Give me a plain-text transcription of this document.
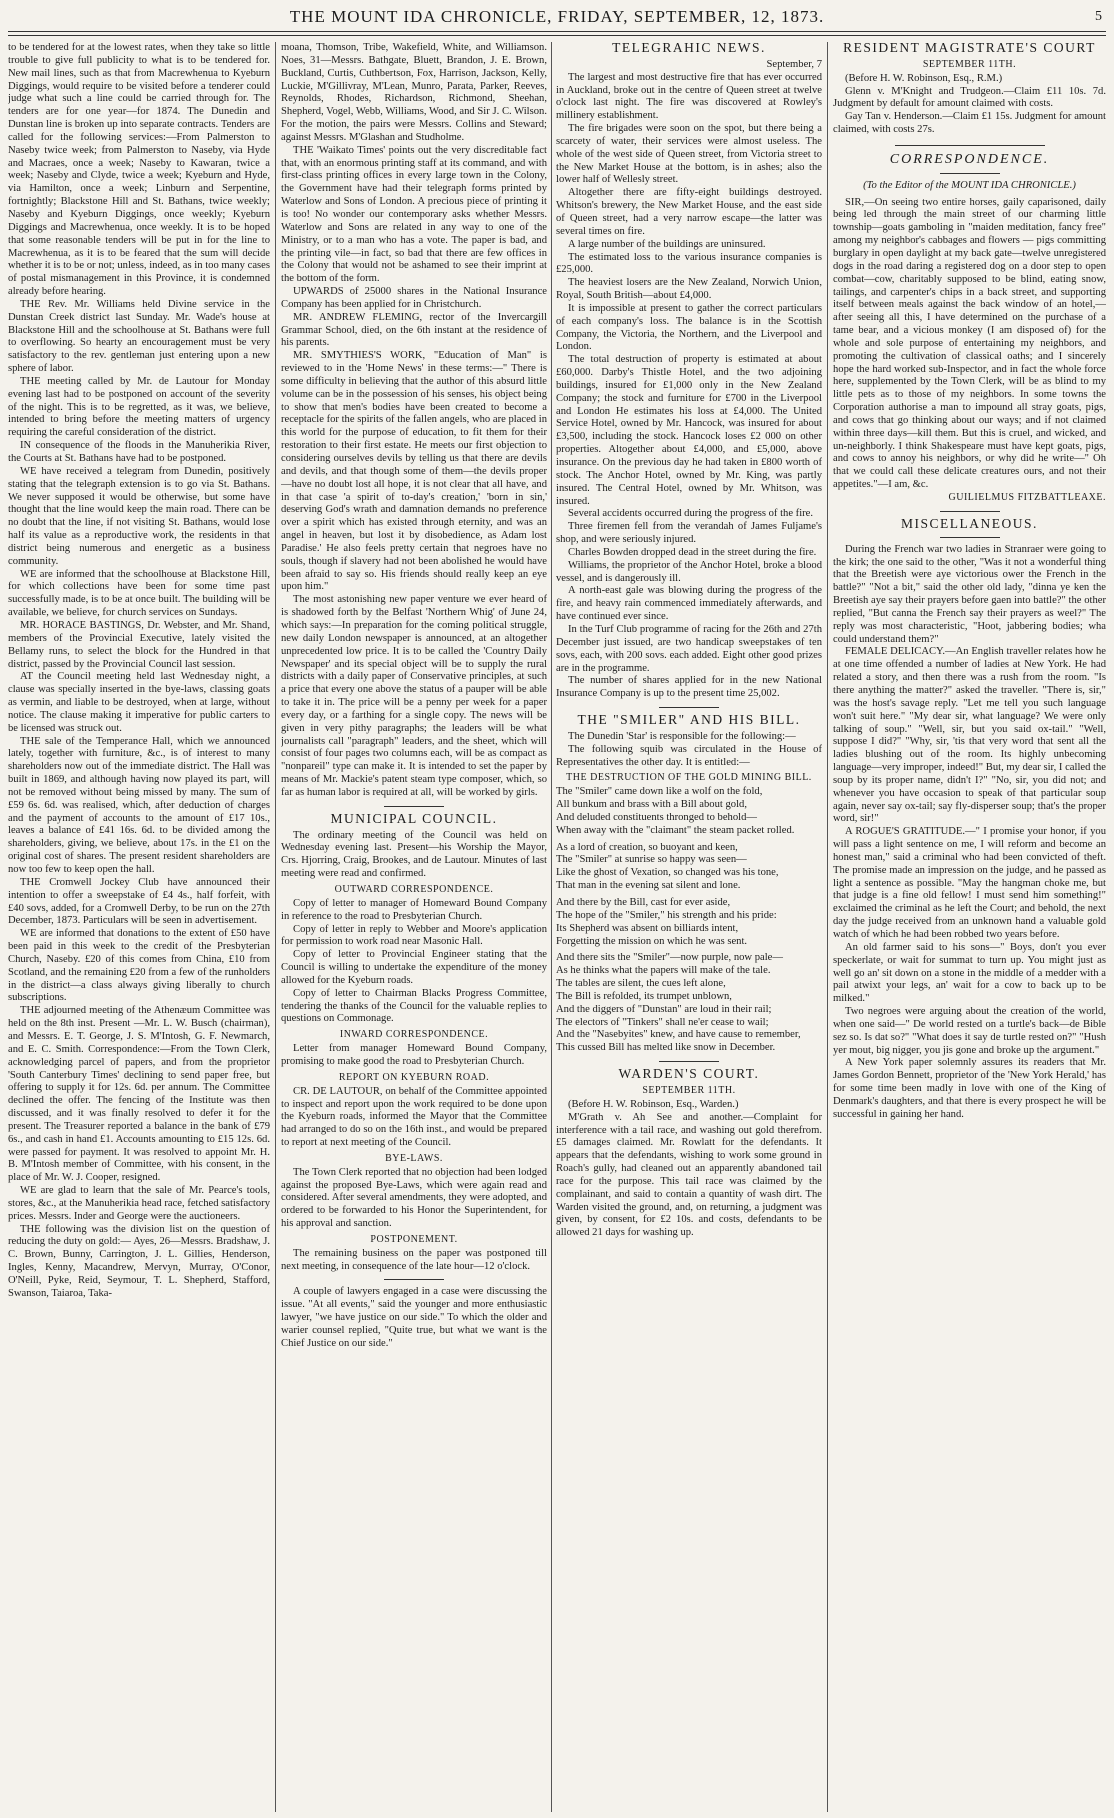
THE MOUNT IDA CHRONICLE, FRIDAY, SEPTEMBER, 12, 1873.	5

to be tendered for at the lowest rates, when they take so little trouble to give full publicity to what is to be tendered for. New mail lines, such as that from Macrewhenua to Kyeburn Diggings, would require to be visited before a tenderer could judge what such a line could be carried through for. The tenders are for one year—for 1874. The Dunedin and Dunstan line is broken up into separate contracts. Tenders are called for the following services:—From Palmerston to Naseby twice week; from Palmerston to Naseby, via Hyde and Macraes, once a week; Naseby to Kawaran, twice a week; Naseby and Clyde, twice a week; Kyeburn and Hyde, via Hamilton, once a week; Linburn and Serpentine, fortnightly; Blackstone Hill and St. Bathans, twice weekly; Naseby and Kyeburn Diggings, once weekly; Kyeburn Diggings and Macrewhenua, once weekly. It is to be hoped that some reasonable tenders will be put in for the line to Macrewhenua, as it is to be feared that the sum will decide whether it is to be or not; unless, indeed, as in too many cases of postal mismanagement in this Province, it is condemned already before hearing.

THE Rev. Mr. Williams held Divine service in the Dunstan Creek district last Sunday. Mr. Wade's house at Blackstone Hill and the schoolhouse at St. Bathans were full to overflowing. So hearty an encouragement must be very satisfactory to the rev. gentleman just entering upon a new sphere of labor.

THE meeting called by Mr. de Lautour for Monday evening last had to be postponed on account of the severity of the night. This is to be regretted, as it was, we believe, intended to bring before the meeting matters of urgency requiring the careful consideration of the district.

IN consequence of the floods in the Manuherikia River, the Courts at St. Bathans have had to be postponed.

WE have received a telegram from Dunedin, positively stating that the telegraph extension is to go via St. Bathans. We never supposed it would be otherwise, but some have thought that the line would keep the main road. There can be no doubt that the line, if not visiting St. Bathans, would lose half its value as a reproductive work, the residents in that district being numerous and energetic as a business community.

WE are informed that the schoolhouse at Blackstone Hill, for which collections have been for some time past successfully made, is to be at once built. The building will be available, we believe, for church services on Sundays.

MR. HORACE BASTINGS, Dr. Webster, and Mr. Shand, members of the Provincial Executive, lately visited the Bellamy runs, to select the block for the Hundred in that district, passed by the Provincial Council last session.

AT the Council meeting held last Wednesday night, a clause was specially inserted in the bye-laws, classing goats as vermin, and liable to be destroyed, when at large, without notice. The clause making it imperative for public carters to be licensed was struck out.

THE sale of the Temperance Hall, which we announced lately, together with furniture, &c., is of interest to many shareholders now out of the immediate district. The Hall was built in 1869, and although having now played its part, will not be removed without being missed by many. The sum of £59 6s. 6d. was realised, which, after deduction of charges and the payment of accounts to the amount of £17 10s., leaves a balance of £41 16s. 6d. to be divided among the shareholders, giving, we believe, about 17s. in the £1 on the original cost of shares. The present resident shareholders are now too few to keep open the hall.

THE Cromwell Jockey Club have announced their intention to offer a sweepstake of £4 4s., half forfeit, with £40 sovs, added, for a Cromwell Derby, to be run on the 27th December, 1873. Particulars will be seen in advertisement.

WE are informed that donations to the extent of £50 have been paid in this week to the credit of the Presbyterian Church, Naseby. £20 of this comes from China, £10 from Scotland, and the remaining £20 from a few of the runholders in the district—a class always giving liberally to church subscriptions.

THE adjourned meeting of the Athenæum Committee was held on the 8th inst. Present —Mr. L. W. Busch (chairman), and Messrs. E. T. George, J. S. M'Intosh, G. F. Newmarch, and E. C. Smith. Correspondence:—From the Town Clerk, acknowledging parcel of papers, and from the proprietor 'South Canterbury Times' declining to send paper free, but offering to supply it for 12s. 6d. per annum. The Committee declined the offer. The fencing of the Institute was then discussed, and it was finally resolved to defer it for the present. The Treasurer reported a balance in the bank of £79 6s., and cash in hand £1. Accounts amounting to £15 12s. 6d. were passed for payment. It was resolved to appoint Mr. H. B. M'Intosh member of Committee, with his consent, in the place of Mr. W. J. Cooper, resigned.

WE are glad to learn that the sale of Mr. Pearce's tools, stores, &c., at the Manuherikia head race, fetched satisfactory prices. Messrs. Inder and George were the auctioneers.

THE following was the division list on the question of reducing the duty on gold:— Ayes, 26—Messrs. Bradshaw, J. C. Brown, Bunny, Carrington, J. L. Gillies, Henderson, Ingles, Kenny, Macandrew, Mervyn, Murray, O'Conor, O'Neill, Pyke, Reid, Seymour, T. L. Shepherd, Stafford, Swanson, Taiaroa, Taka-

moana, Thomson, Tribe, Wakefield, White, and Williamson. Noes, 31—Messrs. Bathgate, Bluett, Brandon, J. E. Brown, Buckland, Curtis, Cuthbertson, Fox, Harrison, Jackson, Kelly, Luckie, M'Gillivray, M'Lean, Munro, Parata, Parker, Reeves, Reynolds, Rhodes, Richardson, Richmond, Sheehan, Shepherd, Vogel, Webb, Williams, Wood, and Sir J. C. Wilson. For the motion, the pairs were Messrs. Collins and Steward; against Messrs. M'Glashan and Studholme.

THE 'Waikato Times' points out the very discreditable fact that, with an enormous printing staff at its command, and with first-class printing offices in every large town in the Colony, the Government have had their telegraph forms printed by Waterlow and Sons of London. A precious piece of printing it is too! No wonder our contemporary asks whether Messrs. Waterlow and Sons are related in any way to one of the Ministry, or to a man who has a vote. The paper is bad, and the printing vile—in fact, so bad that there are few offices in the Colony that would not be ashamed to see their imprint at the bottom of the form.

UPWARDS of 25000 shares in the National Insurance Company has been applied for in Christchurch.

MR. ANDREW FLEMING, rector of the Invercargill Grammar School, died, on the 6th instant at the residence of his parents.

MR. SMYTHIES'S WORK, "Education of Man" is reviewed to in the 'Home News' in these terms:—" There is some difficulty in believing that the author of this absurd little volume can be in the possession of his senses, his object being to show that men's bodies have been created to become a receptacle for the spirits of the fallen angels, who are placed in this world for the purpose of education, to fit them for their restoration to their first estate. He meets our first objection to considering ourselves devils by telling us that there are devils and devils, and that though some of them—the devils proper—have no doubt lost all hope, it is not clear that all have, and in that case 'a spirit of to-day's creation,' 'born in sin,' deserving God's wrath and damnation demands no preference over a spirit which has existed through eternity, and was an angel in heaven, but lost it by disobedience, as Adam lost Paradise.' He also feels pretty certain that negroes have no souls, though if slavery had not been abolished he would have been afraid to say so. His friends should really keep an eye upon him."

The most astonishing new paper venture we ever heard of is shadowed forth by the Belfast 'Northern Whig' of June 24, which says:—In preparation for the coming political struggle, new daily London newspaper is announced, at an altogether unprecedented low price. It is to be called the 'Country Daily Newspaper' and its special object will be to supply the rural districts with a daily paper of Conservative principles, at such a price that every one above the status of a pauper will be able to take it in. The price will be a penny per week for a paper every day, or a farthing for a single copy. The news will be given in very pithy paragraphs; the leaders will be what journalists call "paragraph" leaders, and the sheet, which will consist of four pages two columns each, will be as compact as "nonpareil" type can make it. It is intended to set the paper by means of Mr. Mackie's patent steam type composer, which, so far as human labor is required at all, will be worked by girls.

MUNICIPAL COUNCIL.

The ordinary meeting of the Council was held on Wednesday evening last. Present—his Worship the Mayor, Crs. Hjorring, Craig, Brookes, and de Lautour. Minutes of last meeting were read and confirmed.

OUTWARD CORRESPONDENCE.

Copy of letter to manager of Homeward Bound Company in reference to the road to Presbyterian Church.

Copy of letter in reply to Webber and Moore's application for permission to work road near Masonic Hall.

Copy of letter to Provincial Engineer stating that the Council is willing to undertake the expenditure of the money allowed for the Kyeburn roads.

Copy of letter to Chairman Blacks Progress Committee, tendering the thanks of the Council for the valuable replies to questions on Commonage.

INWARD CORRESPONDENCE.

Letter from manager Homeward Bound Company, promising to make good the road to Presbyterian Church.

REPORT ON KYEBURN ROAD.

CR. DE LAUTOUR, on behalf of the Committee appointed to inspect and report upon the work required to be done upon the Kyeburn roads, informed the Mayor that the Committee had arranged to do so on the 16th inst., and would be prepared to report at next meeting of the Council.

BYE-LAWS.

The Town Clerk reported that no objection had been lodged against the proposed Bye-Laws, which were again read and considered. After several amendments, they were adopted, and ordered to be forwarded to his Honor the Superintendent, for his approval and sanction.

POSTPONEMENT.

The remaining business on the paper was postponed till next meeting, in consequence of the late hour—12 o'clock.

A couple of lawyers engaged in a case were discussing the issue. "At all events," said the younger and more enthusiastic lawyer, "we have justice on our side." To which the older and warier counsel replied, "Quite true, but what we want is the Chief Justice on our side."

TELEGRAHIC NEWS.

September, 7

The largest and most destructive fire that has ever occurred in Auckland, broke out in the centre of Queen street at twelve o'clock last night. The fire was discovered at Rowley's millinery establishment.

The fire brigades were soon on the spot, but there being a scarcety of water, their services were almost useless. The whole of the west side of Queen street, from Victoria street to the New Market House at the bottom, is in ashes; also the lower half of Wellesly street.

Altogether there are fifty-eight buildings destroyed. Whitson's brewery, the New Market House, and the east side of Queen street, had a very narrow escape—the latter was several times on fire.

A large number of the buildings are uninsured.

The estimated loss to the various insurance companies is £25,000.

The heaviest losers are the New Zealand, Norwich Union, Royal, South British—about £4,000.

It is impossible at present to gather the correct particulars of each company's loss. The balance is in the Scottish Company, the Victoria, the Northern, and the Liverpool and London.

The total destruction of property is estimated at about £60,000. Darby's Thistle Hotel, and the two adjoining buildings, insured for £1,000 only in the New Zealand Company; the stock and furniture for £700 in the Liverpool and London He estimates his loss at £4,000. The United Service Hotel, owned by Mr. Hancock, was insured for about £3,500, including the stock. Hancock loses £2 000 on other properties. Altogether about £4,000, and £5,000, above insurance. On the previous day he had taken in £800 worth of stock. The Anchor Hotel, owned by Mr. King, was partly insured. The Central Hotel, owned by Mr. Whitson, was insured.

Several accidents occurred during the progress of the fire.

Three firemen fell from the verandah of James Fuljame's shop, and were seriously injured.

Charles Bowden dropped dead in the street during the fire.

Williams, the proprietor of the Anchor Hotel, broke a blood vessel, and is dangerously ill.

A north-east gale was blowing during the progress of the fire, and heavy rain commenced immediately afterwards, and have continued ever since.

In the Turf Club programme of racing for the 26th and 27th December just issued, are two handicap sweepstakes of ten sovs, each, with 200 sovs. each added. Eight other good prizes are in the programme.

The number of shares applied for in the new National Insurance Company is up to the present time 25,002.

THE "SMILER" AND HIS BILL.

The Dunedin 'Star' is responsible for the following:—

The following squib was circulated in the House of Representatives the other day. It is entitled:—

THE DESTRUCTION OF THE GOLD MINING BILL.

The "Smiler" came down like a wolf on the fold,

All bunkum and brass with a Bill about gold,

And deluded constituents thronged to behold—

When away with the "claimant" the steam packet rolled.

As a lord of creation, so buoyant and keen,

The "Smiler" at sunrise so happy was seen—

Like the ghost of Vexation, so changed was his tone,

That man in the evening sat silent and lone.

And there by the Bill, cast for ever aside,

The hope of the "Smiler," his strength and his pride:

Its Shepherd was absent on billiards intent,

Forgetting the mission on which he was sent.

And there sits the "Smiler"—now purple, now pale—

As he thinks what the papers will make of the tale.

The tables are silent, the cues left alone,

The Bill is refolded, its trumpet unblown,

And the diggers of "Dunstan" are loud in their rail;

The electors of "Tinkers" shall ne'er cease to wail;

And the "Nasebyites" knew, and have cause to remember,

This cussed Bill has melted like snow in December.

WARDEN'S COURT.
SEPTEMBER 11TH.

(Before H. W. Robinson, Esq., Warden.)

M'Grath v. Ah See and another.—Complaint for interference with a tail race, and washing out gold therefrom. £5 damages claimed. Mr. Rowlatt for the defendants. It appears that the defendants, wishing to work some ground in Roach's gully, had cleaned out an apparently abandoned tail race for the purpose. This tail race was claimed by the complainant, and said to contain a quantity of wash dirt. The Warden visited the ground, and, on returning, a judgment was given, by consent, for £2 10s. and costs, defendants to be allowed 21 days for washing up.

RESIDENT MAGISTRATE'S COURT
SEPTEMBER 11TH.

(Before H. W. Robinson, Esq., R.M.)

Glenn v. M'Knight and Trudgeon.—Claim £11 10s. 7d. Judgment by default for amount claimed with costs.

Gay Tan v. Henderson.—Claim £1 15s. Judgment for amount claimed, with costs 27s.

CORRESPONDENCE.

(To the Editor of the MOUNT IDA CHRONICLE.)

SIR,—On seeing two entire horses, gaily caparisoned, daily being led through the main street of our charming little township—goats gamboling in "maiden meditation, fancy free" among my neighbor's cabbages and flowers — pigs committing burglary in open daylight at my back gate—twelve unregistered dogs in the road daring a registered dog on a door step to open combat—cow, charitably supposed to be blind, eating snow, tailings, and carpenter's chips in a back street, and supporting itself between meals against the back window of an hotel,—after seeing all this, I have determined on the purchase of a tame bear, and a vicious monkey (I am disposed of) for the whole and sole purpose of entertaining my neighbors, and promoting the cultivation of classical oaths; and I sincerely hope the hard worked sub-Inspector, and in fact the whole force here, supplemented by the Town Clerk, will be as blind to my little pets as to those of my neighbors. In some towns the Corporation authorise a man to impound all stray goats, pigs, and cows that go thinking about our ways; and if not claimed within three days—kill them. But this is cruel, and wicked, and un-neighborly. I think Shakespeare must have kept goats, pigs, and cows to annoy his neighbors, or why did he write—" Oh that we could call these delicate creatures ours, and not their appetites."—I am, &c.

GUILIELMUS FITZBATTLEAXE.
MISCELLANEOUS.

During the French war two ladies in Stranraer were going to the kirk; the one said to the other, "Was it not a wonderful thing that the Breetish were aye victorious ower the French in the battle?" "Not a bit," said the other old lady, "dinna ye ken the Breetish aye say their prayers before gaen into battle?" the other replied, "But canna the French say their prayers as weel?" The reply was most characteristic, "Hoot, jabbering bodies; wha could understand them?"

FEMALE DELICACY.—An English traveller relates how he at one time offended a number of ladies at New York. He had related a story, and then there was a rush from the room. "Is there anything the matter?" asked the traveller. "There is, sir," was the host's savage reply. "Let me tell you such language won't suit here." "My dear sir, what language? We were only talking of soup." "Well, sir, but you said ox-tail." "Well, suppose I did?" "Why, sir, 'tis that very word that sent all the ladies blushing out of the room. Its highly unbecoming language—very improper, indeed!" But, my dear sir, I called the soup by its proper name, didn't I?" "No, sir, you did not; and whenever you have occasion to speak of that particular soup again, never say ox-tail; say fly-disperser soup; that's the proper word, sir!"

A ROGUE'S GRATITUDE.—" I promise your honor, if you will pass a light sentence on me, I will reform and become an honest man," said a criminal who had been convicted of theft. The promise made an impression on the judge, and he passed as light a sentence as possible. "May the hangman choke me, but that judge is a fine old fellow! I must send him something!" exclaimed the criminal as he left the Court; and behold, the next day the judge received from an unknown hand a valuable gold watch of which he had been robbed two years before.

An old farmer said to his sons—" Boys, don't you ever speckerlate, or wait for summat to turn up. You might just as well go an' sit down on a stone in the middle of a medder with a pail atwixt your legs, an' wait for a cow to back up to be milked."

Two negroes were arguing about the creation of the world, when one said—" De world rested on a turtle's back—de Bible sez so. Is dat so?" "What does it say de turtle rested on?" "Hush yer mout, big nigger, you jis gone and broke up the argument."

A New York paper solemnly assures its readers that Mr. James Gordon Bennett, proprietor of the 'New York Herald,' has for some time been madly in love with one of the King of Denmark's daughters, and that there is every prospect he will be successful in gaining her hand.
